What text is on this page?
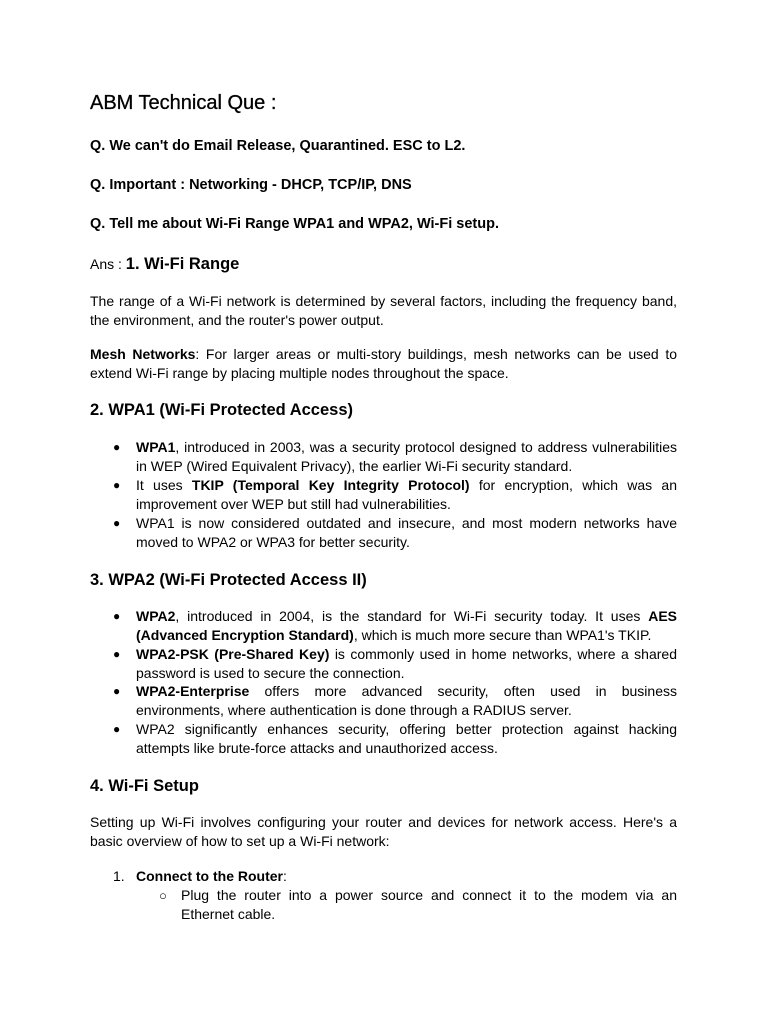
ABM Technical Que :
Q. We can't do Email Release, Quarantined. ESC to L2.
Q. Important : Networking - DHCP, TCP/IP, DNS
Q. Tell me about Wi-Fi Range WPA1 and WPA2, Wi-Fi setup.
Ans : 1. Wi-Fi Range
The range of a Wi-Fi network is determined by several factors, including the frequency band, the environment, and the router's power output.
Mesh Networks: For larger areas or multi-story buildings, mesh networks can be used to extend Wi-Fi range by placing multiple nodes throughout the space.
2. WPA1 (Wi-Fi Protected Access)
● WPA1, introduced in 2003, was a security protocol designed to address vulnerabilities in WEP (Wired Equivalent Privacy), the earlier Wi-Fi security standard.
● It uses TKIP (Temporal Key Integrity Protocol) for encryption, which was an improvement over WEP but still had vulnerabilities.
● WPA1 is now considered outdated and insecure, and most modern networks have moved to WPA2 or WPA3 for better security.
3. WPA2 (Wi-Fi Protected Access II)
● WPA2, introduced in 2004, is the standard for Wi-Fi security today. It uses AES (Advanced Encryption Standard), which is much more secure than WPA1's TKIP.
● WPA2-PSK (Pre-Shared Key) is commonly used in home networks, where a shared password is used to secure the connection.
● WPA2-Enterprise offers more advanced security, often used in business environments, where authentication is done through a RADIUS server.
● WPA2 significantly enhances security, offering better protection against hacking attempts like brute-force attacks and unauthorized access.
4. Wi-Fi Setup
Setting up Wi-Fi involves configuring your router and devices for network access. Here's a basic overview of how to set up a Wi-Fi network:
1. Connect to the Router:
○ Plug the router into a power source and connect it to the modem via an Ethernet cable.
